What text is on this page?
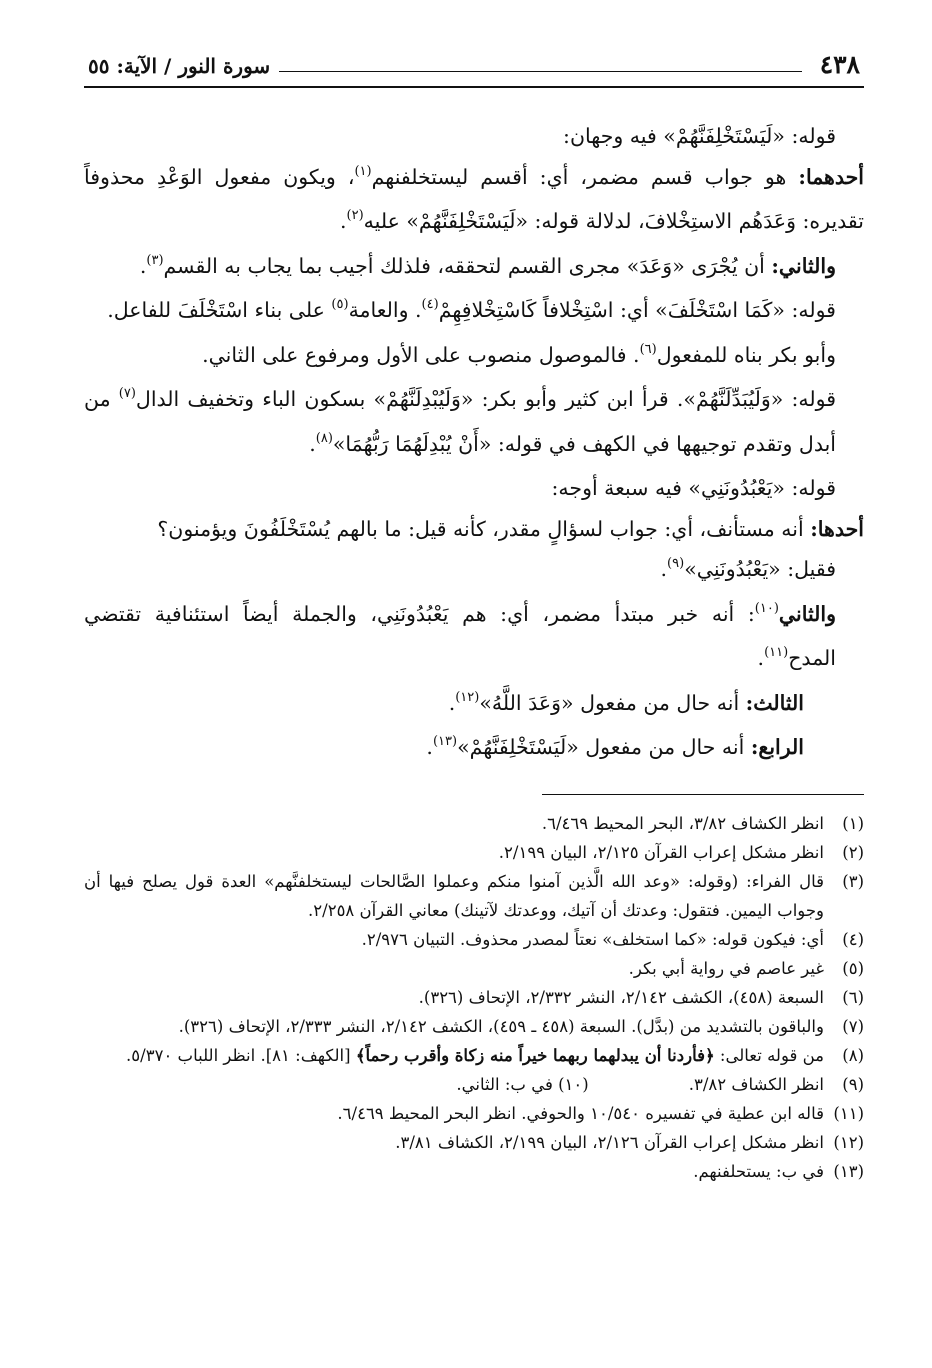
٤٣٨
سورة النور / الآية: ٥٥

قوله: «لَيَسْتَخْلِفَنَّهُمْ» فيه وجهان:

أحدهما: هو جواب قسم مضمر، أي: أقسم ليستخلفنهم$^{(١)}$، ويكون مفعول الوَعْدِ محذوفاً تقديره: وَعَدَهُم الاستِخْلافَ، لدلالة قوله: «لَيَسْتَخْلِفَنَّهُمْ» عليه$^{(٢)}$.

والثاني: أن يُجْرَى «وَعَدَ» مجرى القسم لتحققه، فلذلك أجيب بما يجاب به القسم$^{(٣)}$.

قوله: «كَمَا اسْتَخْلَفَ» أي: اسْتِخْلافاً كَاسْتِخْلافِهِمْ$^{(٤)}$. والعامة$^{(٥)}$ على بناء اسْتَخْلَفَ للفاعل.

وأبو بكر بناه للمفعول$^{(٦)}$. فالموصول منصوب على الأول ومرفوع على الثاني.

قوله: «وَلَيُبَدِّلَنَّهُمْ». قرأ ابن كثير وأبو بكر: «وَلَيُبْدِلَنَّهُمْ» بسكون الباء وتخفيف الدال$^{(٧)}$ من أبدل وتقدم توجيهها في الكهف في قوله: «أَنْ يُبْدِلَهُمَا رَبُّهُمَا»$^{(٨)}$.

قوله: «يَعْبُدُونَنِي» فيه سبعة أوجه:

أحدها: أنه مستأنف، أي: جواب لسؤالٍ مقدر، كأنه قيل: ما بالهم يُسْتَخْلَفُونَ ويؤمنون؟

فقيل: «يَعْبُدُونَنِي»$^{(٩)}$.

والثاني$^{(١٠)}$: أنه خبر مبتدأ مضمر، أي: هم يَعْبُدُونَنِي، والجملة أيضاً استئنافية تقتضي المدح$^{(١١)}$.

الثالث: أنه حال من مفعول «وَعَدَ اللَّهُ»$^{(١٢)}$.

الرابع: أنه حال من مفعول «لَيَسْتَخْلِفَنَّهُمْ»$^{(١٣)}$.

(١)
انظر الكشاف ٣/٨٢، البحر المحيط ٦/٤٦٩.
(٢)
انظر مشكل إعراب القرآن ٢/١٢٥، البيان ٢/١٩٩.
(٣)
قال الفراء: (وقوله: «وعد الله الَّذين آمنوا منكم وعملوا الصَّالحات ليستخلفنَّهم» العدة قول يصلح فيها أن وجواب اليمين. فتقول: وعدتك أن آتيك، ووعدتك لآتينك) معاني القرآن ٢/٢٥٨.
(٤)
أي: فيكون قوله: «كما استخلف» نعتاً لمصدر محذوف. التبيان ٢/٩٧٦.
(٥)
غير عاصم في رواية أبي بكر.
(٦)
السبعة (٤٥٨)، الكشف ٢/١٤٢، النشر ٢/٣٣٢، الإتحاف (٣٢٦).
(٧)
والباقون بالتشديد من (بدَّل). السبعة (٤٥٨ ـ ٤٥٩)، الكشف ٢/١٤٢، النشر ٢/٣٣٣، الإتحاف (٣٢٦).
(٨)
من قوله تعالى: ﴿فأردنا أن يبدلهما ربهما خيراً منه زكاة وأقرب رحماً﴾ [الكهف: ٨١]. انظر اللباب ٥/٣٧٠.
(٩)
انظر الكشاف ٣/٨٢.
(١٠)

في ب: الثاني.
(١١)
قاله ابن عطية في تفسيره ١٠/٥٤٠ والحوفي. انظر البحر المحيط ٦/٤٦٩.
(١٢)
انظر مشكل إعراب القرآن ٢/١٢٦، البيان ٢/١٩٩، الكشاف ٣/٨١.
(١٣)
في ب: يستحلفنهم.
